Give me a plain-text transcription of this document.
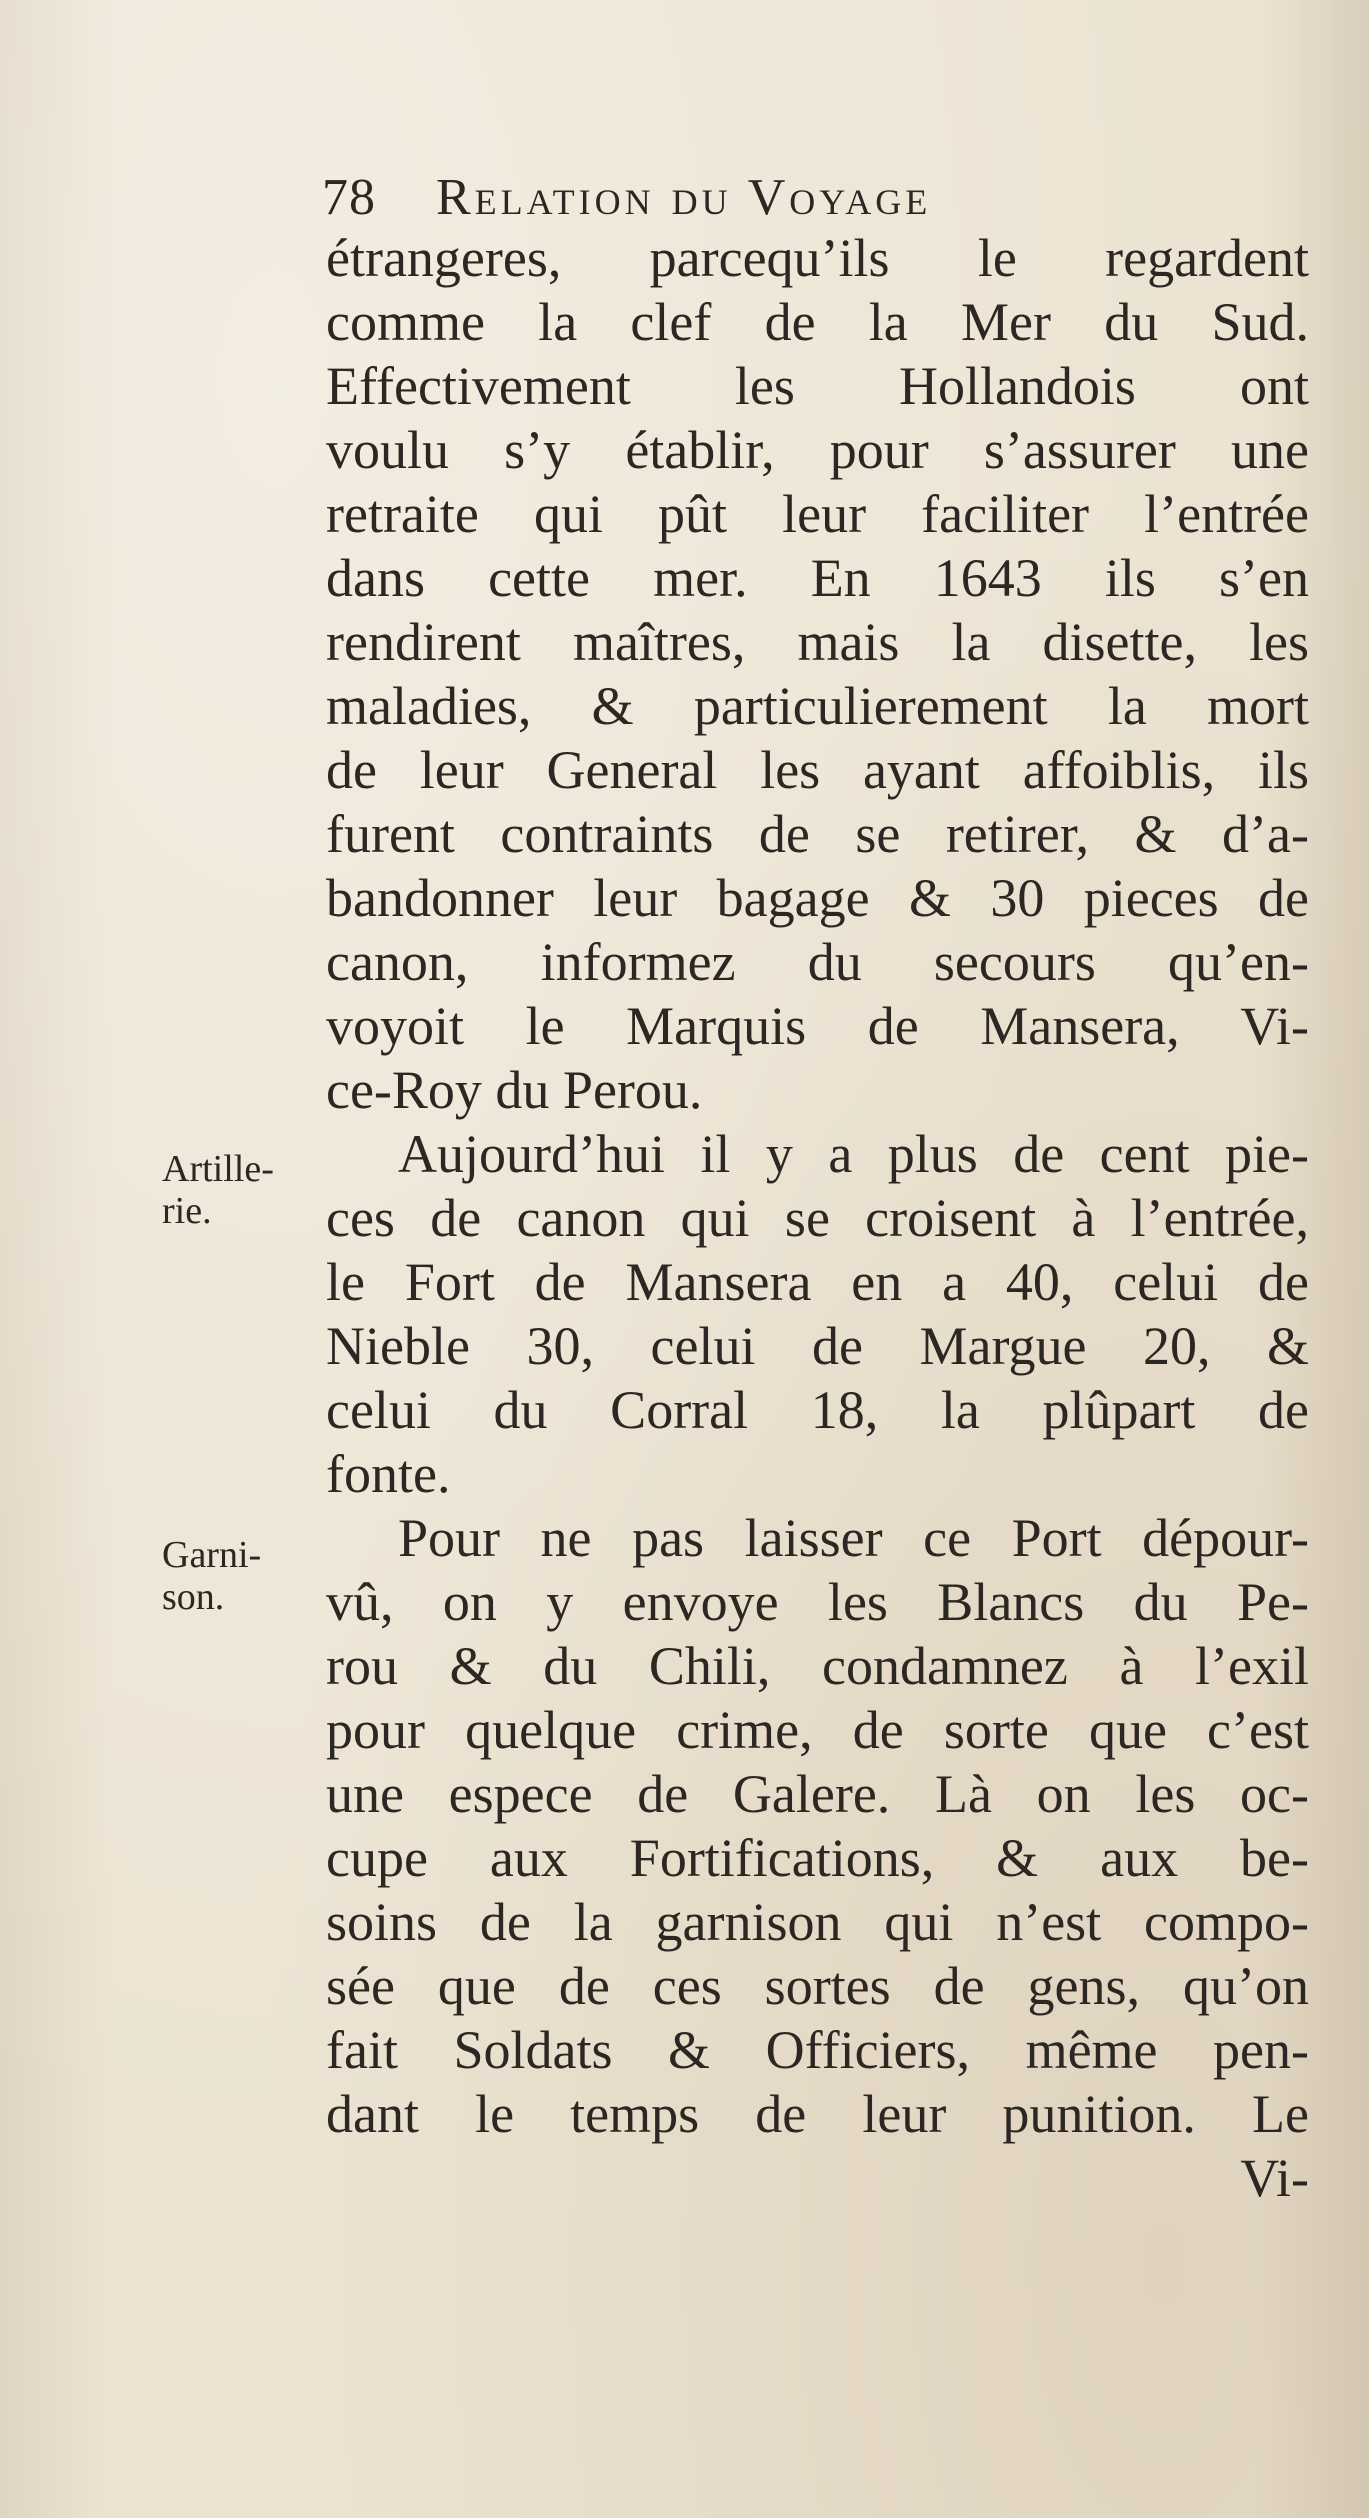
78 Relation du Voyage
Artille-
rie.
Garni-
son.
étrangeres, parcequ’ils le regardent
comme la clef de la Mer du Sud.
Effectivement les Hollandois ont
voulu s’y établir, pour s’assurer une
retraite qui pût leur faciliter l’entrée
dans cette mer. En 1643 ils s’en
rendirent maîtres, mais la disette, les
maladies, & particulierement la mort
de leur General les ayant affoiblis, ils
furent contraints de se retirer, & d’a-
bandonner leur bagage & 30 pieces de
canon, informez du secours qu’en-
voyoit le Marquis de Mansera, Vi-
ce-Roy du Perou.
Aujourd’hui il y a plus de cent pie-
ces de canon qui se croisent à l’entrée,
le Fort de Mansera en a 40, celui de
Nieble 30, celui de Margue 20, &
celui du Corral 18, la plûpart de
fonte.
Pour ne pas laisser ce Port dépour-
vû, on y envoye les Blancs du Pe-
rou & du Chili, condamnez à l’exil
pour quelque crime, de sorte que c’est
une espece de Galere. Là on les oc-
cupe aux Fortifications, & aux be-
soins de la garnison qui n’est compo-
sée que de ces sortes de gens, qu’on
fait Soldats & Officiers, même pen-
dant le temps de leur punition. Le
Vi-
